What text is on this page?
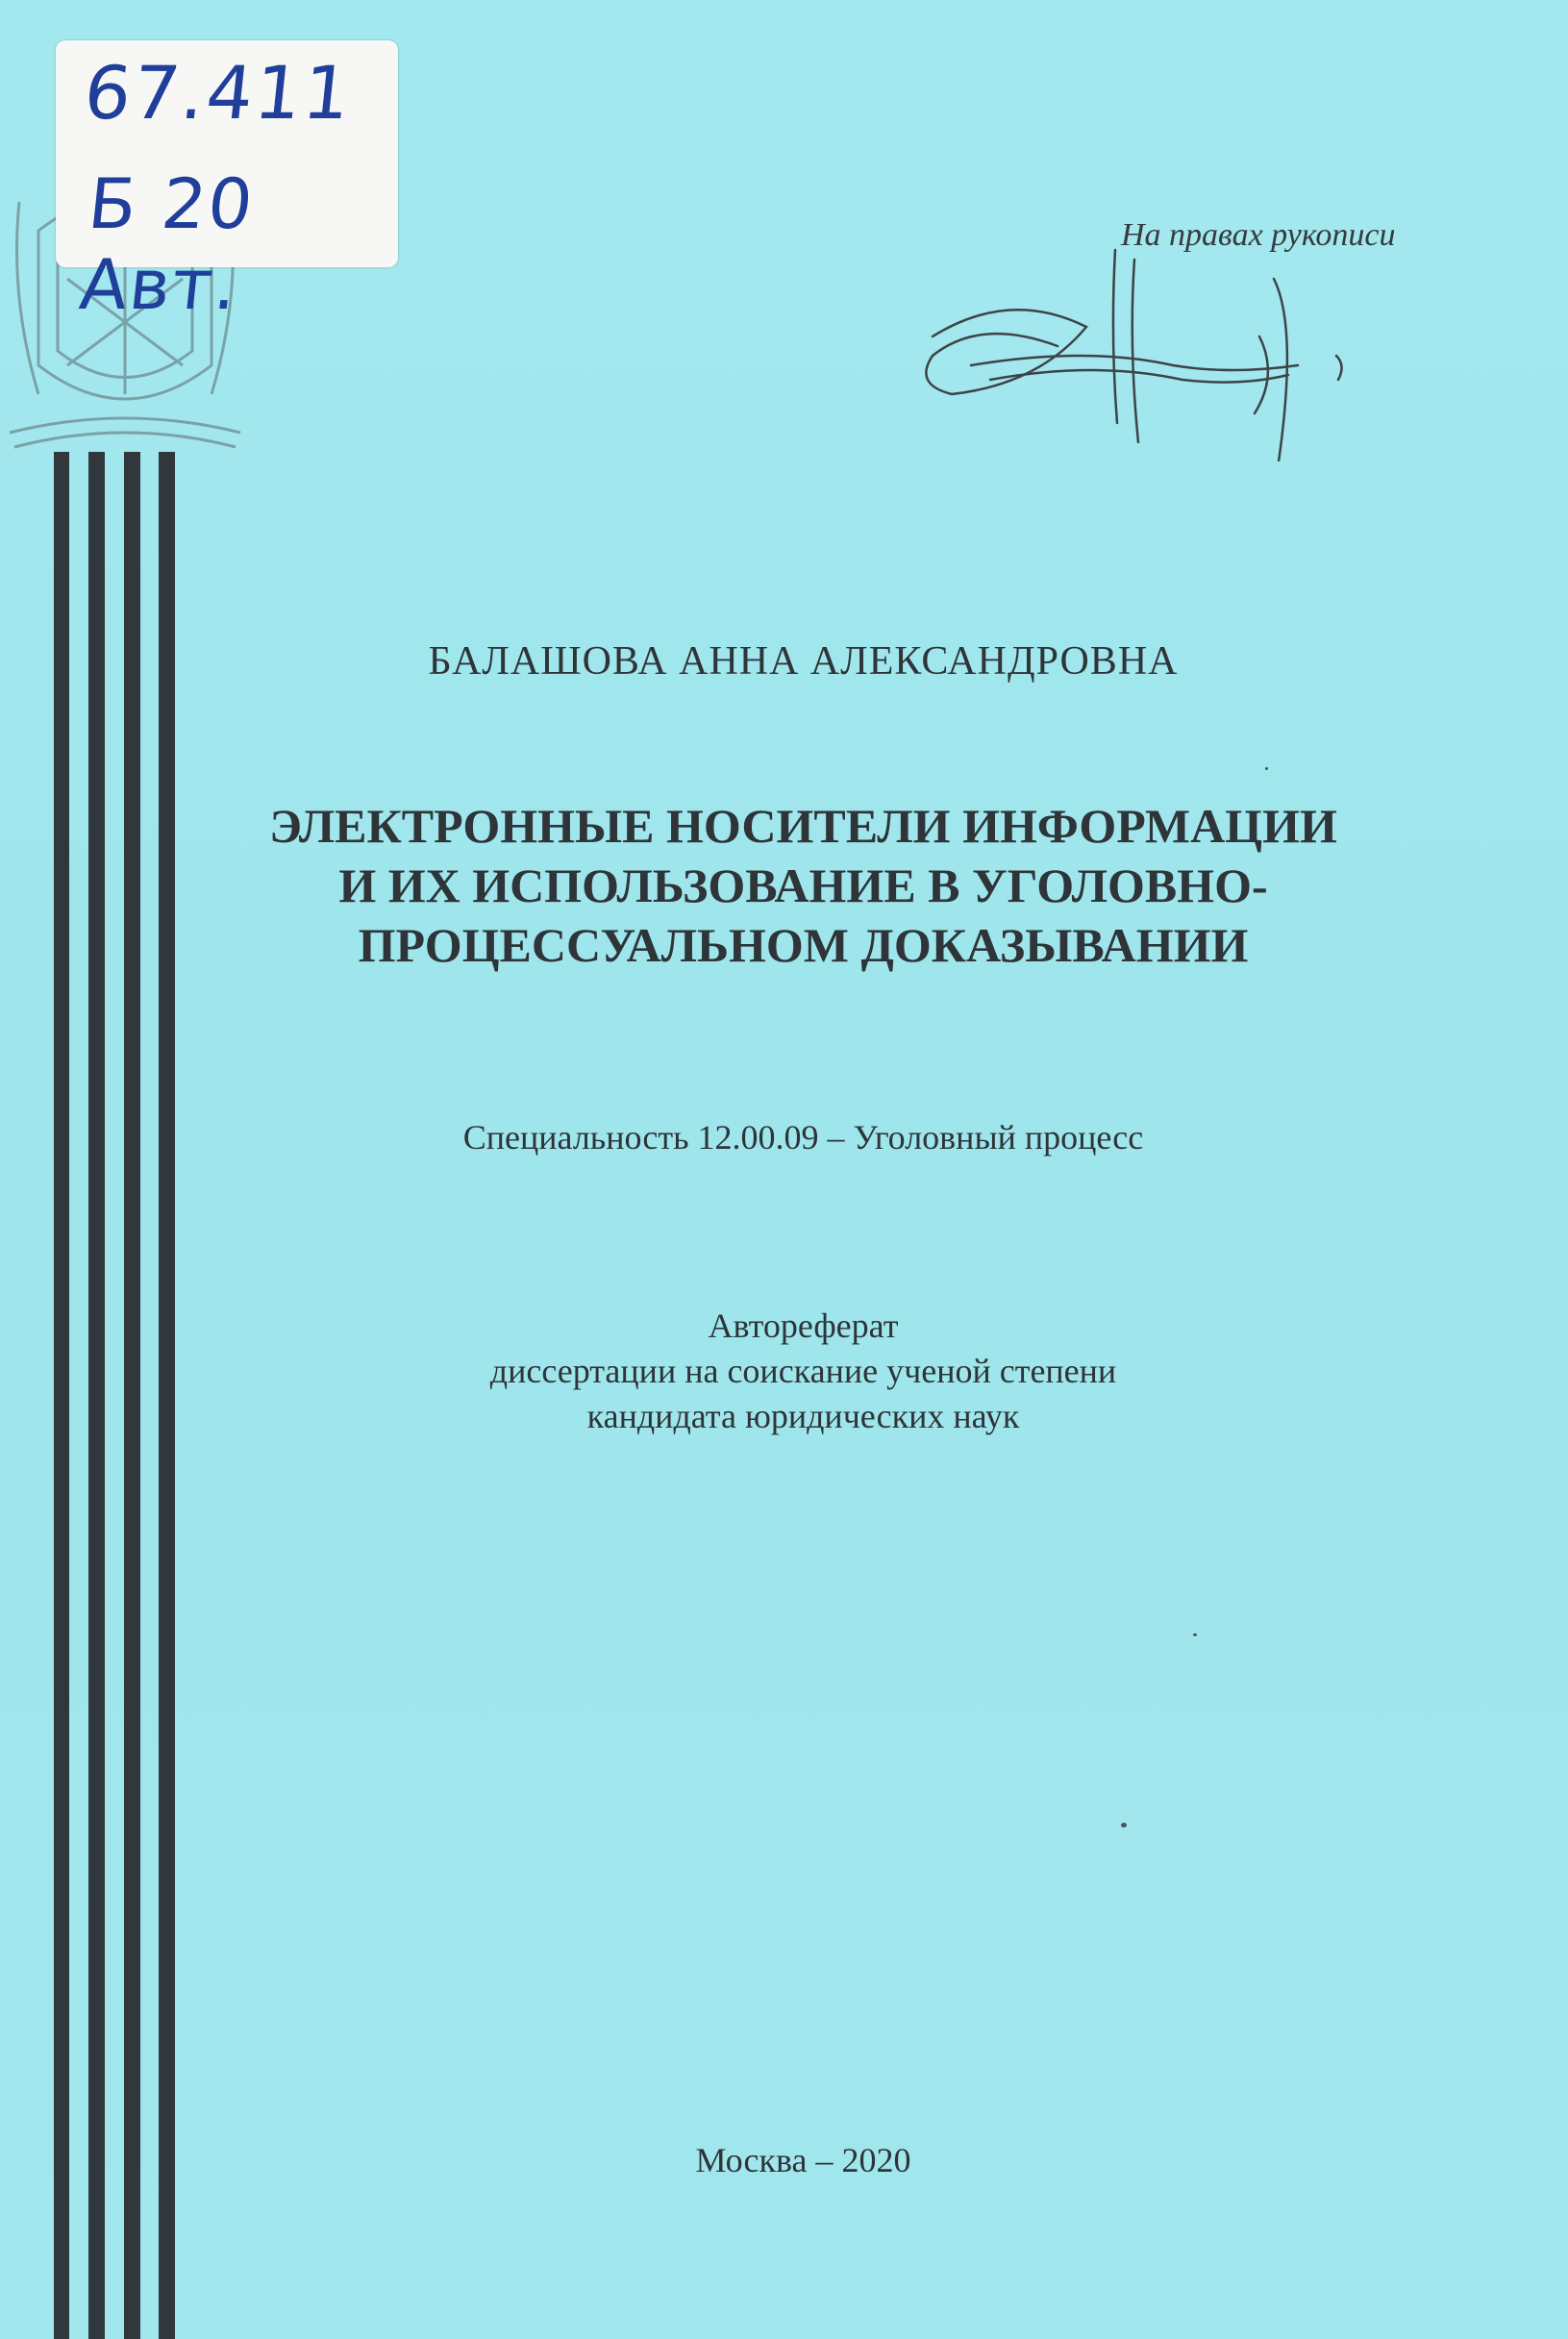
67.411
Б 20 Авт.
На правах рукописи
БАЛАШОВА АННА АЛЕКСАНДРОВНА
ЭЛЕКТРОННЫЕ НОСИТЕЛИ ИНФОРМАЦИИ
И ИХ ИСПОЛЬЗОВАНИЕ В УГОЛОВНО-
ПРОЦЕССУАЛЬНОМ ДОКАЗЫВАНИИ
Специальность 12.00.09 – Уголовный процесс
Автореферат
диссертации на соискание ученой степени
кандидата юридических наук
Москва – 2020
